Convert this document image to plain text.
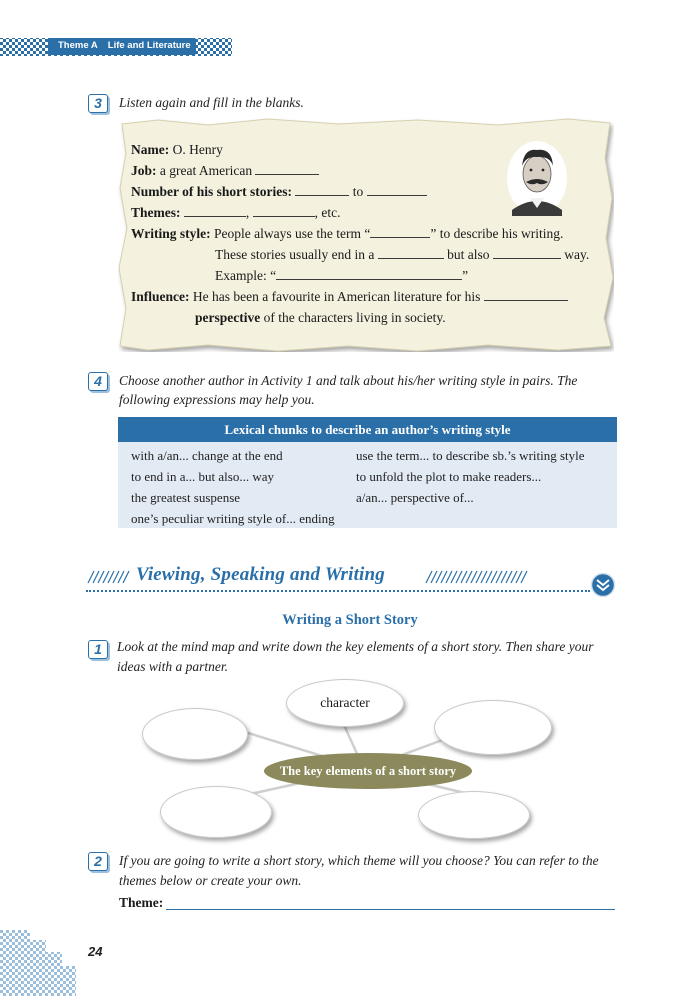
Theme A Life and Literature
3	Listen again and fill in the blanks.
Name: O. Henry
Job: a great American
Number of his short stories:	to
Themes:	,	, etc.
Writing style: People always use the term “	” to describe his writing.
These stories usually end in a	but also	way.
Example: “	”
Influence: He has been a favourite in American literature for his
perspective of the characters living in society.
4	Choose another author in Activity 1 and talk about his/her writing style in pairs. The
following expressions may help you.
Lexical chunks to describe an author’s writing style
with a/an... change at the end	use the term... to describe sb.’s writing style
to end in a... but also... way	to unfold the plot to make readers...
the greatest suspense	a/an... perspective of...
one’s peculiar writing style of... ending
Viewing, Speaking and Writing
Writing a Short Story
1	Look at the mind map and write down the key elements of a short story. Then share your
ideas with a partner.
character
The key elements of a short story
2	If you are going to write a short story, which theme will you choose? You can refer to the
themes below or create your own.
Theme:
24
